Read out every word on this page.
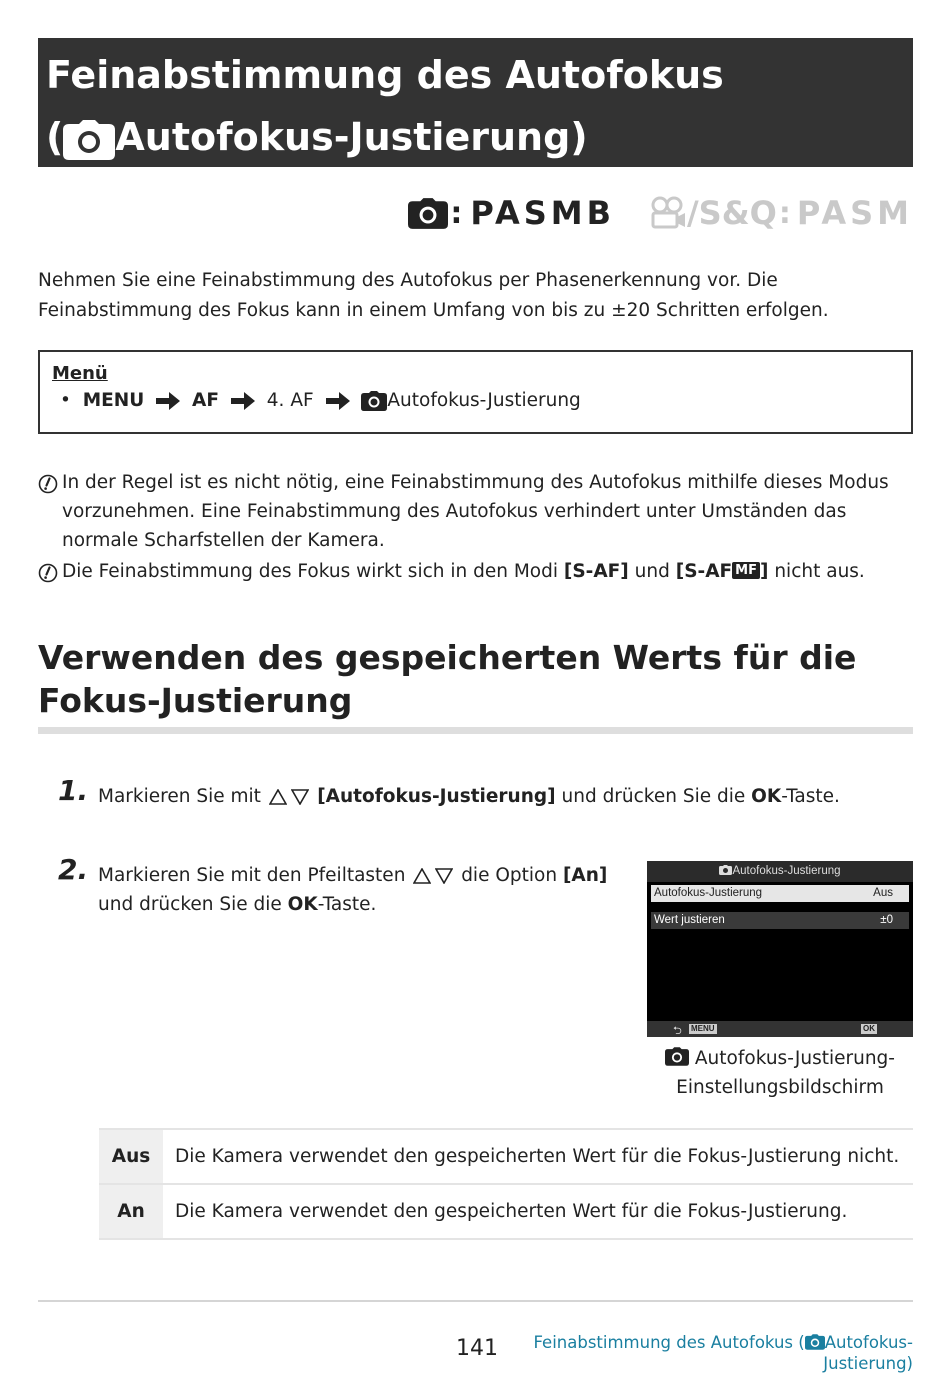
Feinabstimmung des Autofokus
( Autofokus-Justierung)
: PASMB / S&Q : PASM
Nehmen Sie eine Feinabstimmung des Autofokus per Phasenerkennung vor. Die Feinabstimmung des Fokus kann in einem Umfang von bis zu ±20 Schritten erfolgen.
Menü
• MENU	AF	4. AF	Autofokus-Justierung
In der Regel ist es nicht nötig, eine Feinabstimmung des Autofokus mithilfe dieses Modus vorzunehmen. Eine Feinabstimmung des Autofokus verhindert unter Umständen das normale Scharfstellen der Kamera.
Die Feinabstimmung des Fokus wirkt sich in den Modi [S-AF] und [S-AF MF ] nicht aus.
Verwenden des gespeicherten Werts für die Fokus-Justierung
1. Markieren Sie mit  [Autofokus-Justierung] und drücken Sie die OK-Taste.
2. Markieren Sie mit den Pfeiltasten  die Option [An] und drücken Sie die OK-Taste.
Autofokus-Justierung
Autofokus-Justierung	Aus
Wert justieren	±0
⮌ MENU	OK
Autofokus-Justierung-
Einstellungsbildschirm
Aus	Die Kamera verwendet den gespeicherten Wert für die Fokus-Justierung nicht.
An	Die Kamera verwendet den gespeicherten Wert für die Fokus-Justierung.
141 Feinabstimmung des Autofokus ( Autofokus-
Justierung)
